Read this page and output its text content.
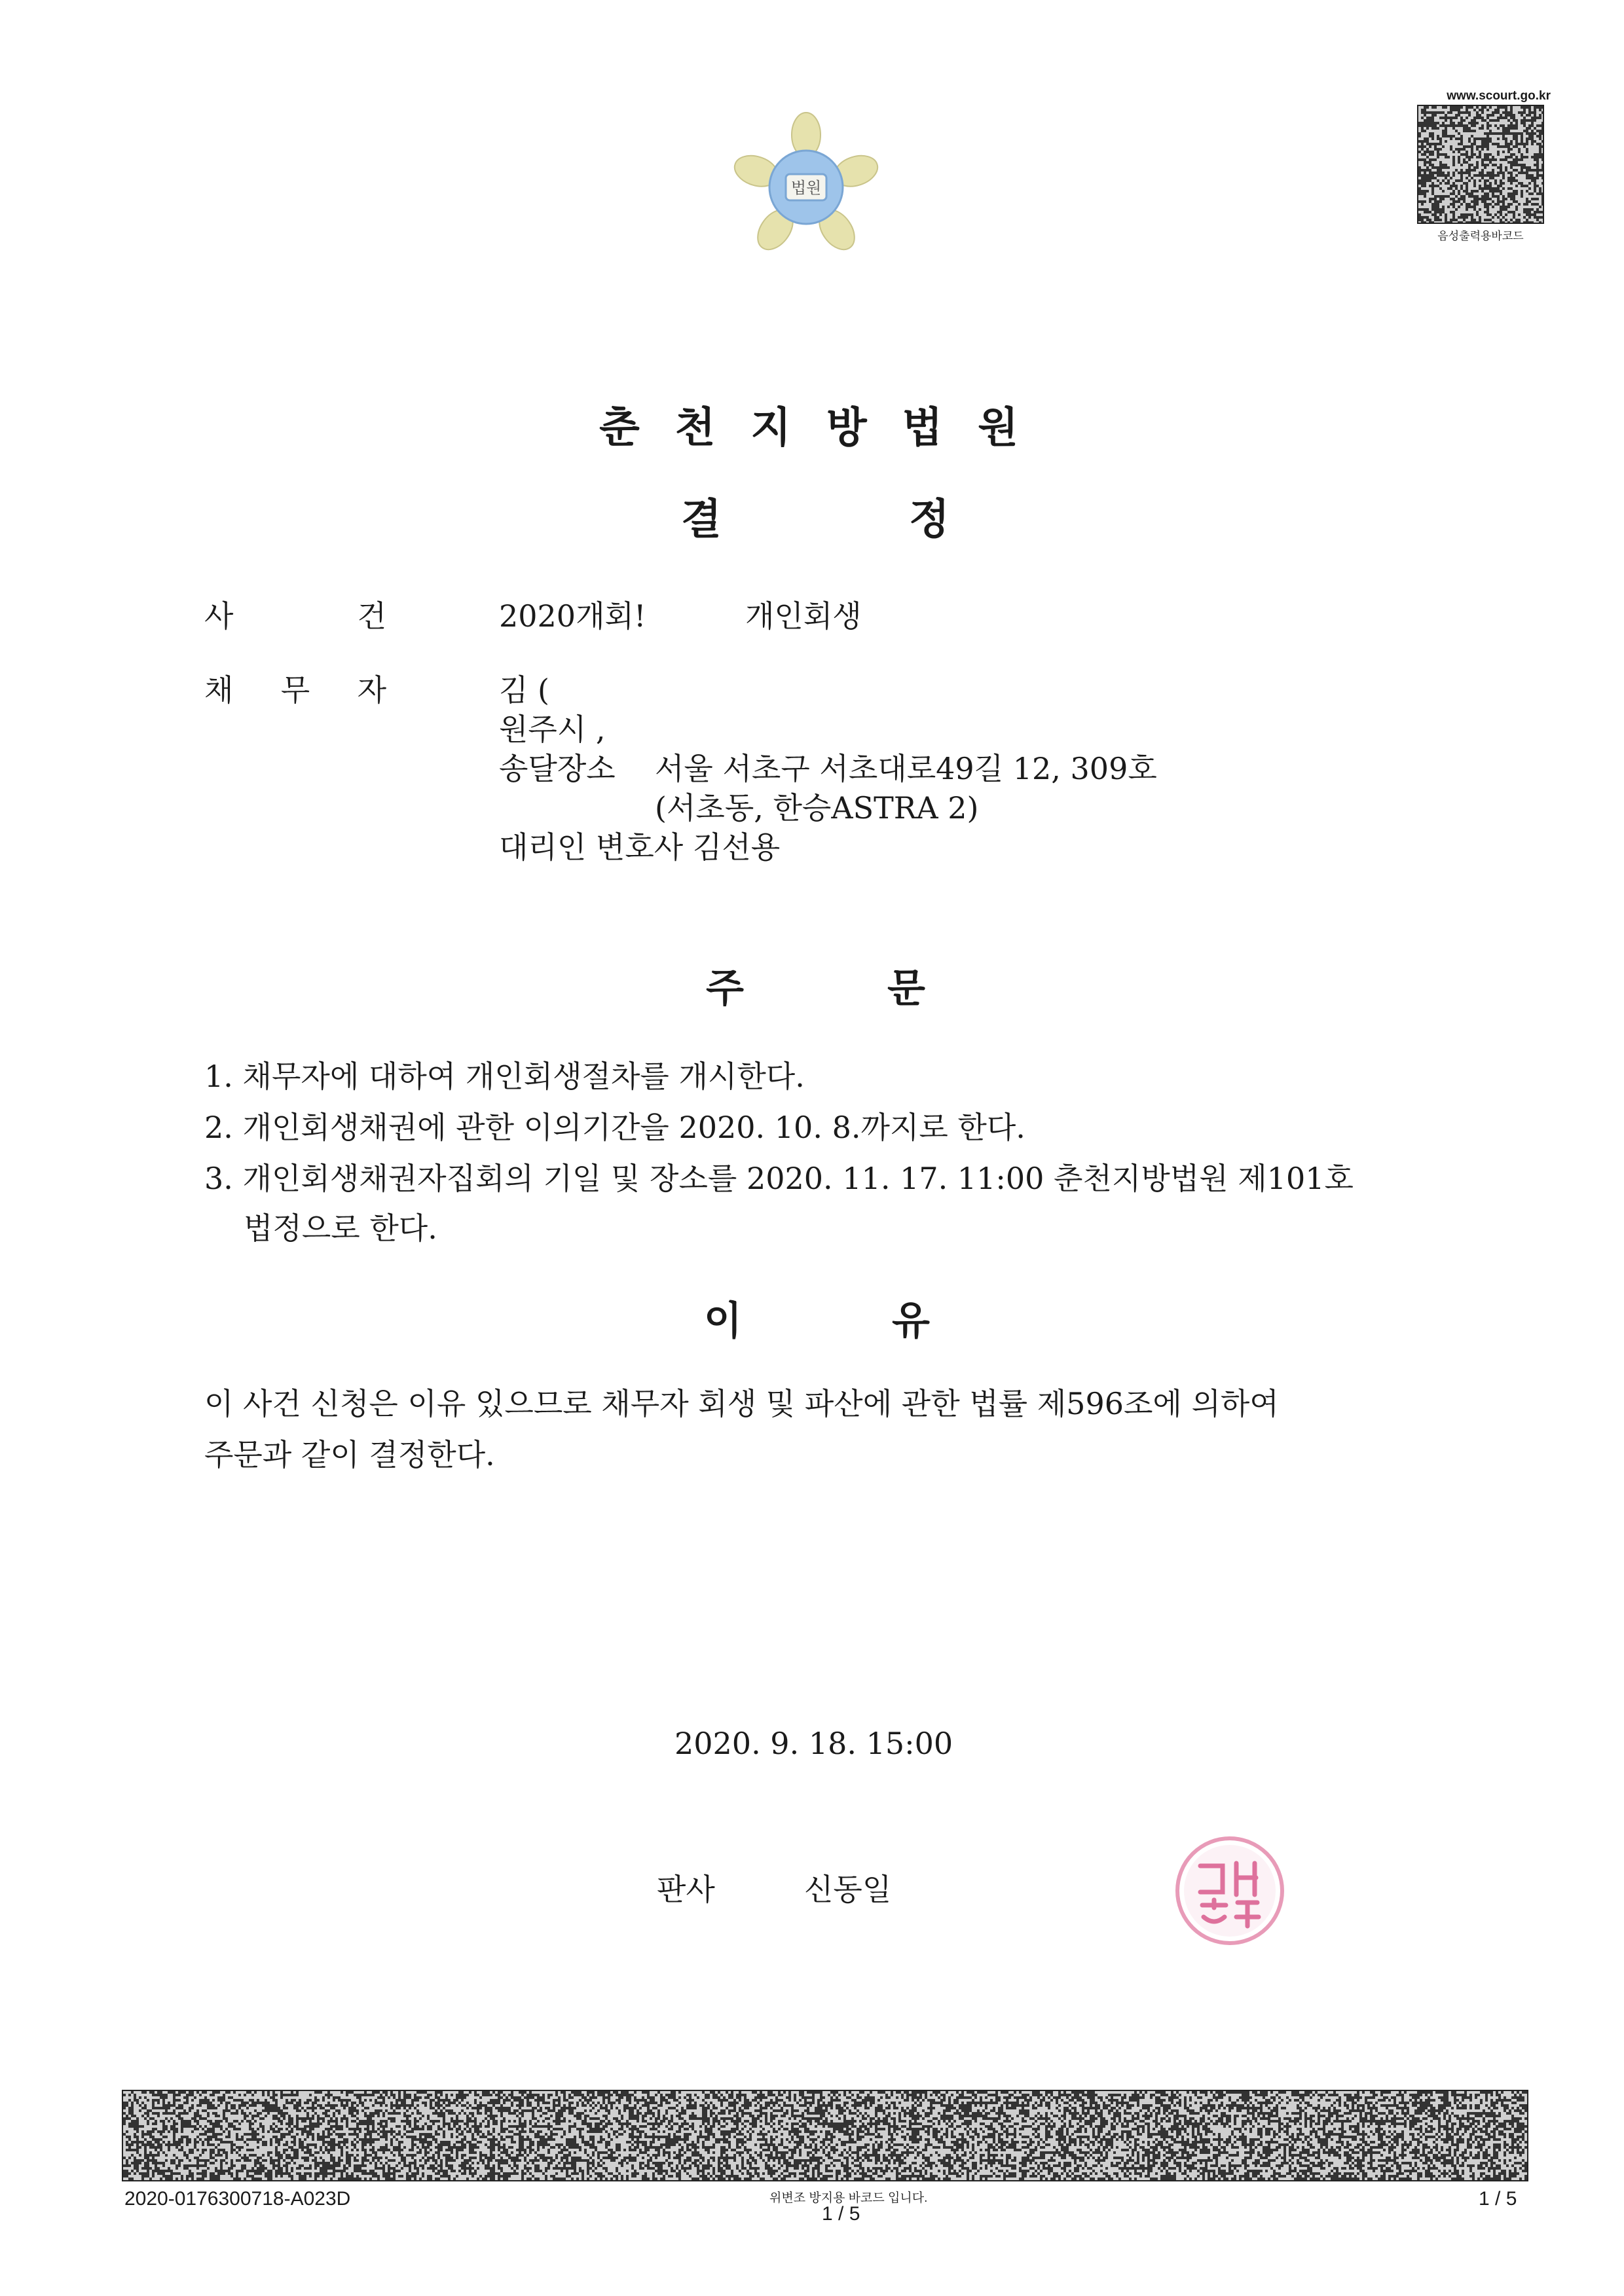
법원
www.scourt.go.kr
음성출력용바코드
춘 천 지 방 법 원
결	정
사	건	2020개회!	개인회생
채 무 자	김 (
원주시 ,
송달장소 서울 서초구 서초대로49길 12, 309호
(서초동, 한승ASTRA 2)
대리인 변호사 김선용
주	문
1. 채무자에 대하여 개인회생절차를 개시한다.
2. 개인회생채권에 관한 이의기간을 2020. 10. 8.까지로 한다.
3. 개인회생채권자집회의 기일 및 장소를 2020. 11. 17. 11:00 춘천지방법원 제101호
법정으로 한다.
이	유
이 사건 신청은 이유 있으므로 채무자 회생 및 파산에 관한 법률 제596조에 의하여
주문과 같이 결정한다.
2020. 9. 18. 15:00
판사	신동일
2020-0176300718-A023D	위변조 방지용 바코드 입니다.
1 / 5
1 / 5
